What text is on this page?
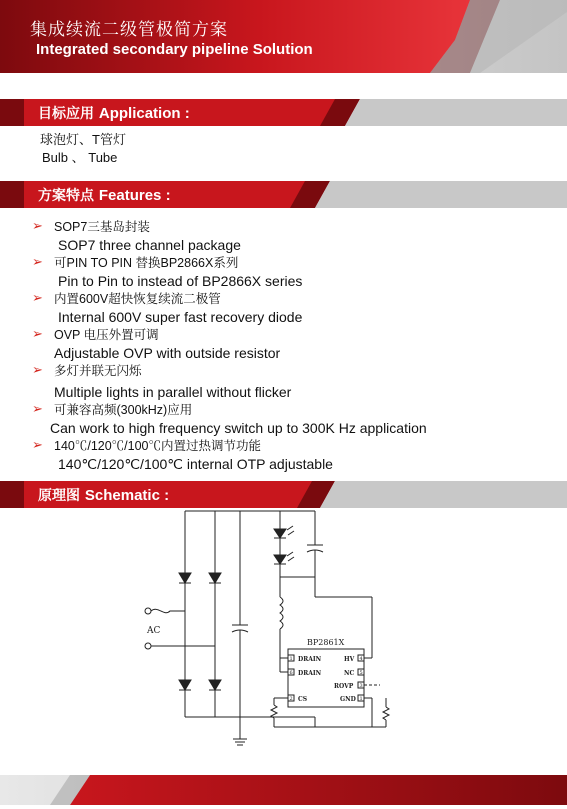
集成续流二级管极简方案
Integrated secondary pipeline Solution
目标应用 Application :
球泡灯、T管灯
Bulb 、 Tube
方案特点 Features :
➢ SOP7三基岛封装
SOP7 three channel package
➢ 可PIN TO PIN 替换BP2866X系列
Pin to Pin to instead of BP2866X series
➢ 内置600V超快恢复续流二极管
Internal 600V super fast recovery diode
➢ OVP 电压外置可调
Adjustable OVP with outside resistor
➢ 多灯并联无闪烁
Multiple lights in parallel without flicker
➢ 可兼容高频(300kHz)应用
Can work to high frequency switch up to 300K Hz application
➢ 140℃/120℃/100℃内置过热调节功能
140℃/120℃/100℃ internal OTP adjustable
原理图 Schematic :
AC
BP2861X
1 DRAIN
6 DRAIN
2 CS
4
HV
5
NC
3
ROVP
1
GND
